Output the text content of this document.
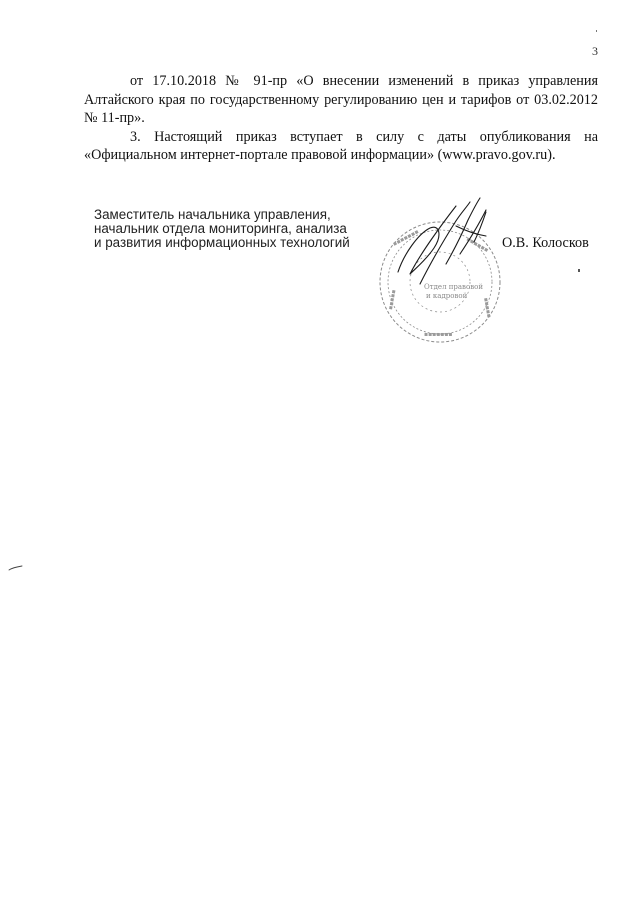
3

от 17.10.2018 № 91-пр «О внесении изменений в приказ управления Алтайского края по государственному регулированию цен и тарифов от 03.02.2012 № 11-пр».

3. Настоящий приказ вступает в силу с даты опубликования на «Официальном интернет-портале правовой информации» (www.pravo.gov.ru).

Заместитель начальника управления,
начальник отдела мониторинга, анализа
и развития информационных технологий	▪▪▪▪▪▪▪	▪▪▪▪▪▪
▪▪▪▪▪
▪▪▪▪▪
▪▪▪▪▪▪▪
Отдел правовой
и кадровой
О.В. Колосков
